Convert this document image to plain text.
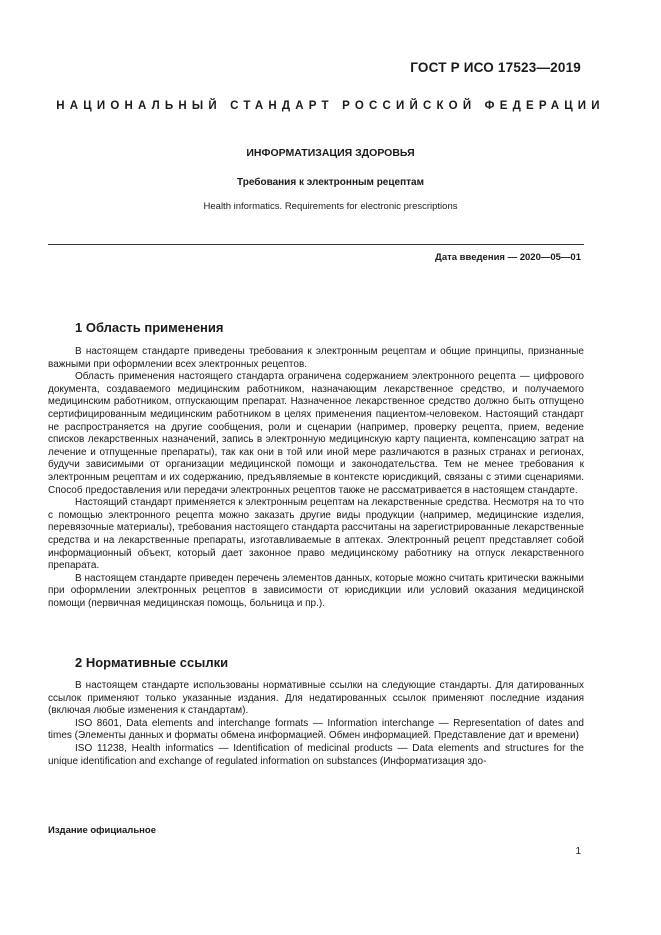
ГОСТ Р ИСО 17523—2019
НАЦИОНАЛЬНЫЙ СТАНДАРТ РОССИЙСКОЙ ФЕДЕРАЦИИ
ИНФОРМАТИЗАЦИЯ ЗДОРОВЬЯ
Требования к электронным рецептам
Health informatics. Requirements for electronic prescriptions
Дата введения — 2020—05—01
1 Область применения

В настоящем стандарте приведены требования к электронным рецептам и общие принципы, признанные важными при оформлении всех электронных рецептов.

Область применения настоящего стандарта ограничена содержанием электронного рецепта — цифрового документа, создаваемого медицинским работником, назначающим лекарственное средство, и получаемого медицинским работником, отпускающим препарат. Назначенное лекарственное средство должно быть отпущено сертифицированным медицинским работником в целях применения пациентом-человеком. Настоящий стандарт не распространяется на другие сообщения, роли и сценарии (например, проверку рецепта, прием, ведение списков лекарственных назначений, запись в электронную медицинскую карту пациента, компенсацию затрат на лечение и отпущенные препараты), так как они в той или иной мере различаются в разных странах и регионах, будучи зависимыми от организации медицинской помощи и законодательства. Тем не менее требования к электронным рецептам и их содержанию, предъявляемые в контексте юрисдикций, связаны с этими сценариями. Способ предоставления или передачи электронных рецептов также не рассматривается в настоящем стандарте.

Настоящий стандарт применяется к электронным рецептам на лекарственные средства. Несмотря на то что с помощью электронного рецепта можно заказать другие виды продукции (например, медицинские изделия, перевязочные материалы), требования настоящего стандарта рассчитаны на зарегистрированные лекарственные средства и на лекарственные препараты, изготавливаемые в аптеках. Электронный рецепт представляет собой информационный объект, который дает законное право медицинскому работнику на отпуск лекарственного препарата.

В настоящем стандарте приведен перечень элементов данных, которые можно считать критически важными при оформлении электронных рецептов в зависимости от юрисдикции или условий оказания медицинской помощи (первичная медицинская помощь, больница и пр.).

2 Нормативные ссылки

В настоящем стандарте использованы нормативные ссылки на следующие стандарты. Для датированных ссылок применяют только указанные издания. Для недатированных ссылок применяют последние издания (включая любые изменения к стандартам).

ISO 8601, Data elements and interchange formats — Information interchange — Representation of dates and times (Элементы данных и форматы обмена информацией. Обмен информацией. Представление дат и времени)

ISO 11238, Health informatics — Identification of medicinal products — Data elements and structures for the unique identification and exchange of regulated information on substances (Информатизация здо-

Издание официальное
1
